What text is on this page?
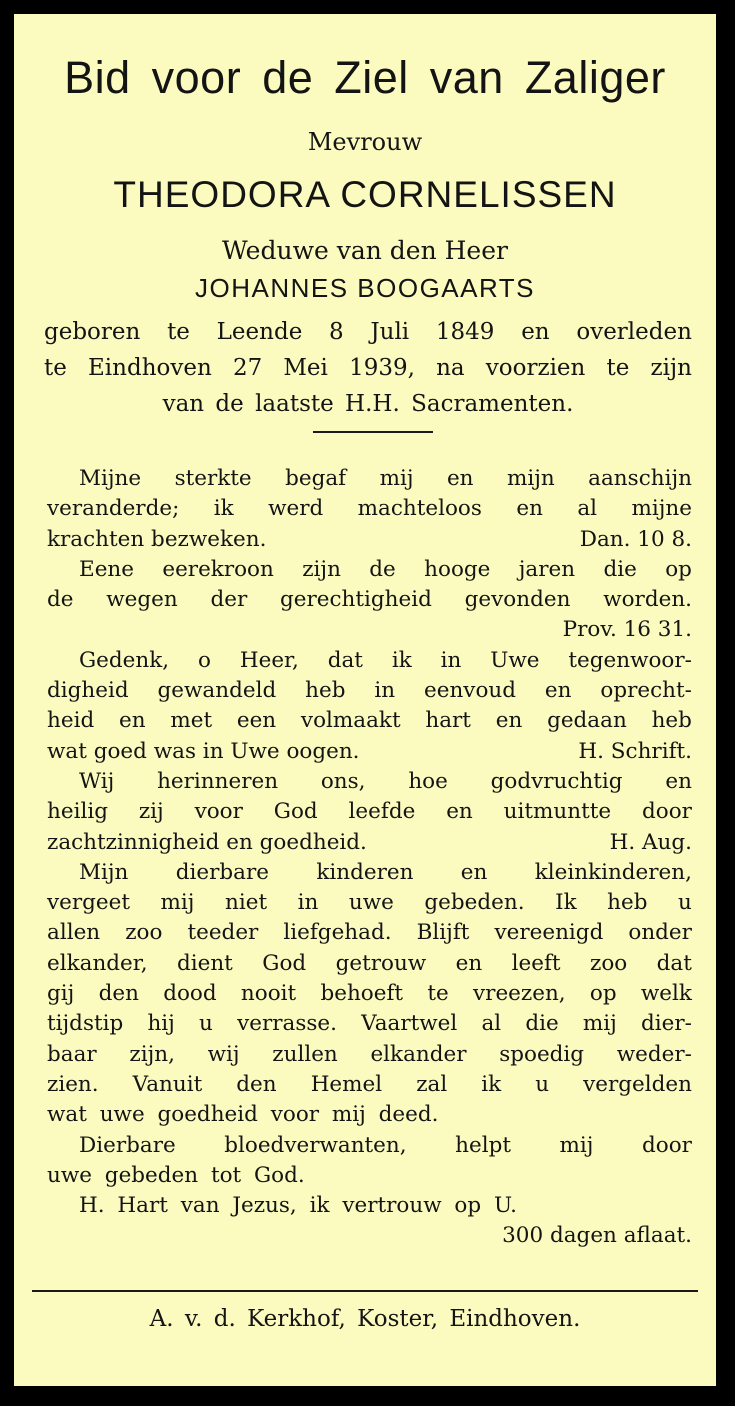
Bid voor de Ziel van Zaliger
Mevrouw
THEODORA CORNELISSEN
Weduwe van den Heer
JOHANNES BOOGAARTS
geboren te Leende 8 Juli 1849 en overleden
te Eindhoven 27 Mei 1939, na voorzien te zijn
van de laatste H.H. Sacramenten.
Mijne sterkte begaf mij en mijn aanschijn
veranderde; ik werd machteloos en al mijne
krachten bezweken.	Dan. 10 8.
Eene eerekroon zijn de hooge jaren die op
de wegen der gerechtigheid gevonden worden.
Prov. 16 31.
Gedenk, o Heer, dat ik in Uwe tegenwoor-
digheid gewandeld heb in eenvoud en oprecht-
heid en met een volmaakt hart en gedaan heb
wat goed was in Uwe oogen.	H. Schrift.
Wij herinneren ons, hoe godvruchtig en
heilig zij voor God leefde en uitmuntte door
zachtzinnigheid en goedheid.	H. Aug.
Mijn dierbare kinderen en kleinkinderen,
vergeet mij niet in uwe gebeden. Ik heb u
allen zoo teeder liefgehad. Blijft vereenigd onder
elkander, dient God getrouw en leeft zoo dat
gij den dood nooit behoeft te vreezen, op welk
tijdstip hij u verrasse. Vaartwel al die mij dier-
baar zijn, wij zullen elkander spoedig weder-
zien. Vanuit den Hemel zal ik u vergelden
wat uwe goedheid voor mij deed.
Dierbare bloedverwanten, helpt mij door
uwe gebeden tot God.
H. Hart van Jezus, ik vertrouw op U.
300 dagen aflaat.
A. v. d. Kerkhof, Koster, Eindhoven.
